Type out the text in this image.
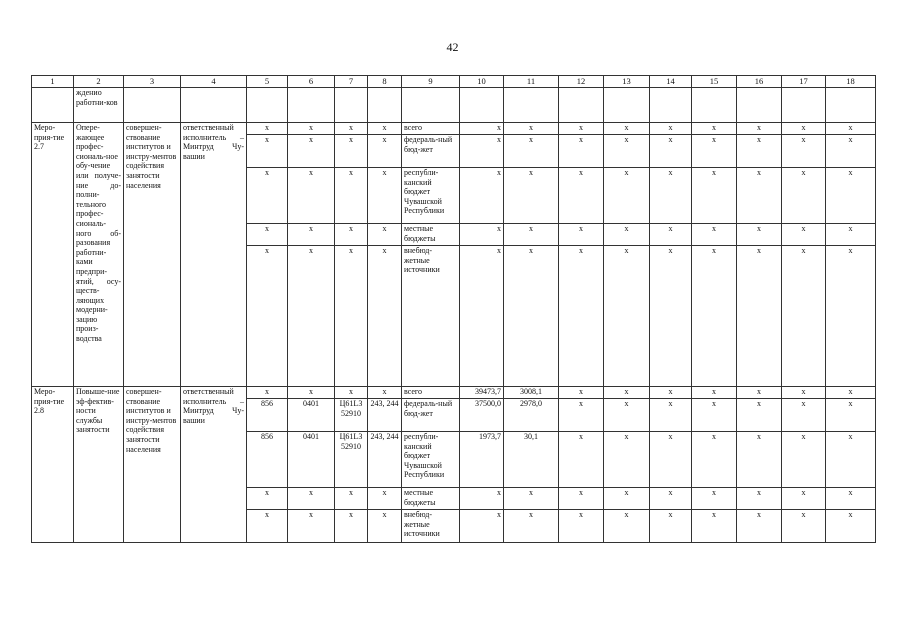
42
1	2	3	4	5	6	7	8	9	10	11	12	13	14	15	16	17	18
	жденио работни-ков																
Меро-прия-тие 2.7	Опере-жающее профес-сиональ-ное обу-чение или получе-ние до-полни-тельного профес-сиональ-ного об-разования работни-ками предпри-ятий, осу-ществ-ляющих модерни-зацию произ-водства	совершен-ствование институтов и инстру-ментов содействия занятости населения	ответственный исполнитель – Минтруд Чу-вашии	х	х	х	х	всего	х	х	х	х	х	х	х	х	х
				х	х	х	х	федераль-ный бюд-жет	х	х	х	х	х	х	х	х	х
				х	х	х	х	республи-канский бюджет Чувашской Республики	х	х	х	х	х	х	х	х	х
				х	х	х	х	местные бюджеты	х	х	х	х	х	х	х	х	х
				х	х	х	х	внебюд-жетные источники	х	х	х	х	х	х	х	х	х
Меро-прия-тие 2.8	Повыше-ние эф-фектив-ности службы занятости	совершен-ствование институтов и инстру-ментов содействия занятости населения	ответственный исполнитель – Минтруд Чу-вашии	х	х	х	х	всего	39473,7	3008,1	х	х	х	х	х	х	х
				856	0401	Ц61L3 52910	243, 244	федераль-ный бюд-жет	37500,0	2978,0	х	х	х	х	х	х	х
				856	0401	Ц61L3 52910	243, 244	республи-канский бюджет Чувашской Республики	1973,7	30,1	х	х	х	х	х	х	х
				х	х	х	х	местные бюджеты	х	х	х	х	х	х	х	х	х
				х	х	х	х	внебюд-жетные источники	х	х	х	х	х	х	х	х	х
